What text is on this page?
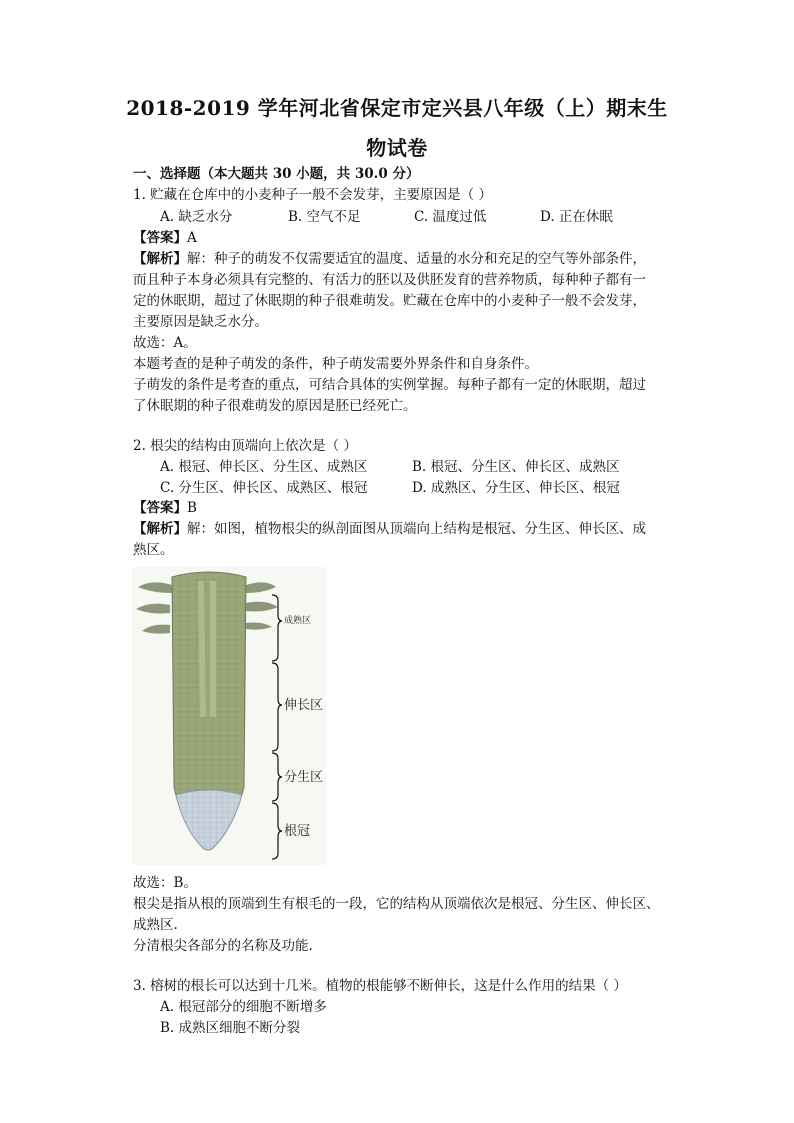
2018-2019 学年河北省保定市定兴县八年级（上）期末生
物试卷
一、选择题（本大题共 30 小题，共 30.0 分）
1. 贮藏在仓库中的小麦种子一般不会发芽，主要原因是（ ）
A. 缺乏水分	B. 空气不足	C. 温度过低	D. 正在休眠
【答案】A
【解析】解：种子的萌发不仅需要适宜的温度、适量的水分和充足的空气等外部条件，
而且种子本身必须具有完整的、有活力的胚以及供胚发育的营养物质，每种种子都有一
定的休眠期，超过了休眠期的种子很难萌发。贮藏在仓库中的小麦种子一般不会发芽，
主要原因是缺乏水分。
故选：A。
本题考查的是种子萌发的条件，种子萌发需要外界条件和自身条件。
子萌发的条件是考查的重点，可结合具体的实例掌握。每种子都有一定的休眠期，超过
了休眠期的种子很难萌发的原因是胚已经死亡。
2. 根尖的结构由顶端向上依次是（ ）
A. 根冠、伸长区、分生区、成熟区	B. 根冠、分生区、伸长区、成熟区
C. 分生区、伸长区、成熟区、根冠	D. 成熟区、分生区、伸长区、根冠
【答案】B
【解析】解：如图，植物根尖的纵剖面图从顶端向上结构是根冠、分生区、伸长区、成
熟区。
成熟区
伸长区
分生区
根冠
故选：B。
根尖是指从根的顶端到生有根毛的一段，它的结构从顶端依次是根冠、分生区、伸长区、
成熟区.
分清根尖各部分的名称及功能.
3. 榕树的根长可以达到十几米。植物的根能够不断伸长，这是什么作用的结果（ ）
A. 根冠部分的细胞不断增多
B. 成熟区细胞不断分裂
